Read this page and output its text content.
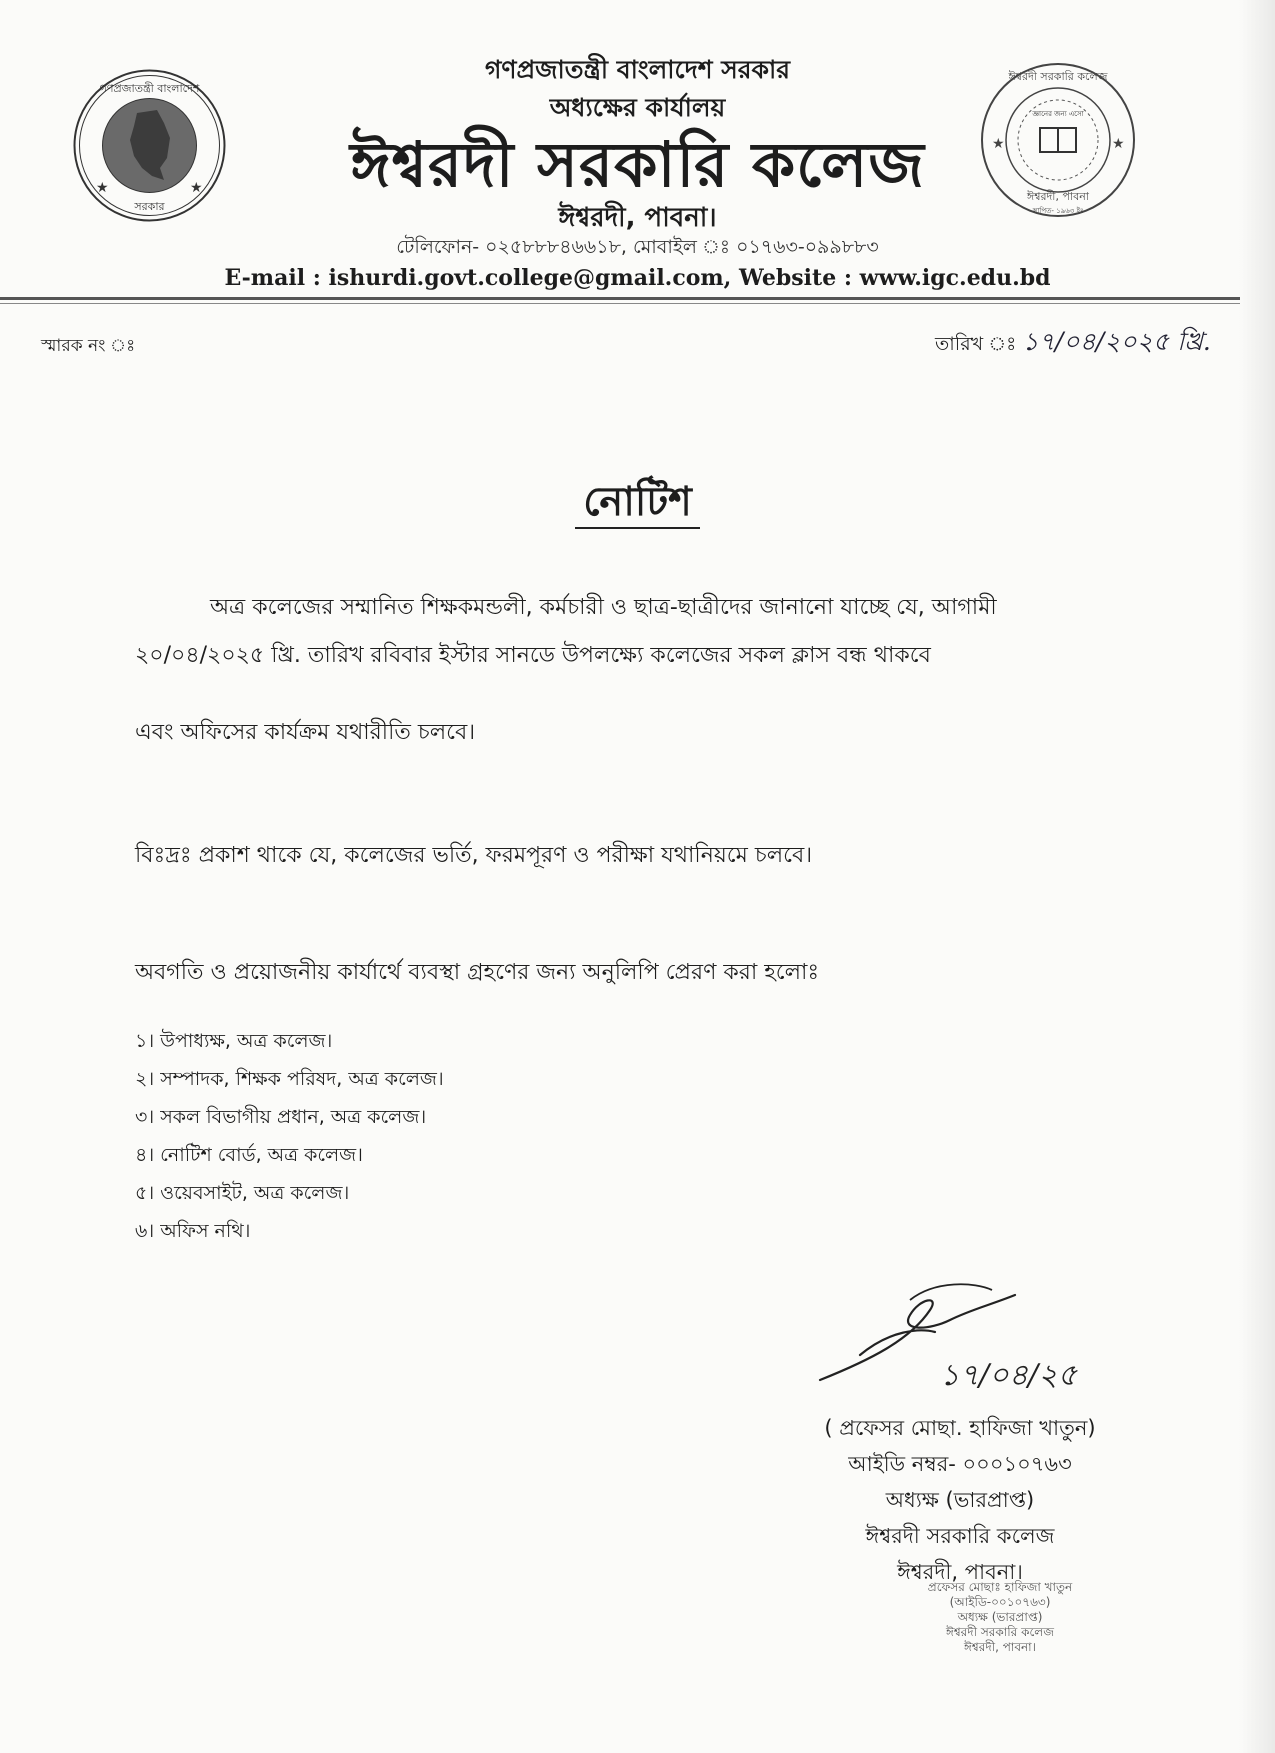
গণপ্রজাতন্ত্রী বাংলাদেশ
সরকার
★	★
জ্ঞানের জন্য এসো
ঈশ্বরদী সরকারি কলেজ
ঈশ্বরদী, পাবনা
স্থাপিত- ১৯৬৩ ইং
★	★
গণপ্রজাতন্ত্রী বাংলাদেশ সরকার
অধ্যক্ষের কার্যালয়
ঈশ্বরদী সরকারি কলেজ
ঈশ্বরদী, পাবনা।
টেলিফোন- ০২৫৮৮৮৪৬৬১৮, মোবাইল ঃ ০১৭৬৩-০৯৯৮৮৩
E-mail : ishurdi.govt.college@gmail.com, Website : www.igc.edu.bd
স্মারক নং ঃ	তারিখ ঃ ১৭/০৪/২০২৫ খ্রি.
নোটিশ
অত্র কলেজের সম্মানিত শিক্ষকমন্ডলী, কর্মচারী ও ছাত্র-ছাত্রীদের জানানো যাচ্ছে যে, আগামী
২০/০৪/২০২৫ খ্রি. তারিখ রবিবার ইস্টার সানডে উপলক্ষ্যে কলেজের সকল ক্লাস বন্ধ থাকবে
এবং অফিসের কার্যক্রম যথারীতি চলবে।
বিঃদ্রঃ প্রকাশ থাকে যে, কলেজের ভর্তি, ফরমপূরণ ও পরীক্ষা যথানিয়মে চলবে।
অবগতি ও প্রয়োজনীয় কার্যার্থে ব্যবস্থা গ্রহণের জন্য অনুলিপি প্রেরণ করা হলোঃ
১। উপাধ্যক্ষ, অত্র কলেজ।
২। সম্পাদক, শিক্ষক পরিষদ, অত্র কলেজ।
৩। সকল বিভাগীয় প্রধান, অত্র কলেজ।
৪। নোটিশ বোর্ড, অত্র কলেজ।
৫। ওয়েবসাইট, অত্র কলেজ।
৬। অফিস নথি।
১৭/০৪/২৫
( প্রফেসর মোছা. হাফিজা খাতুন)
আইডি নম্বর- ০০০১০৭৬৩
অধ্যক্ষ (ভারপ্রাপ্ত)
ঈশ্বরদী সরকারি কলেজ
ঈশ্বরদী, পাবনা।
প্রফেসর মোছাঃ হাফিজা খাতুন
(আইডি-০০১০৭৬৩)
অধ্যক্ষ (ভারপ্রাপ্ত)
ঈশ্বরদী সরকারি কলেজ
ঈশ্বরদী, পাবনা।
